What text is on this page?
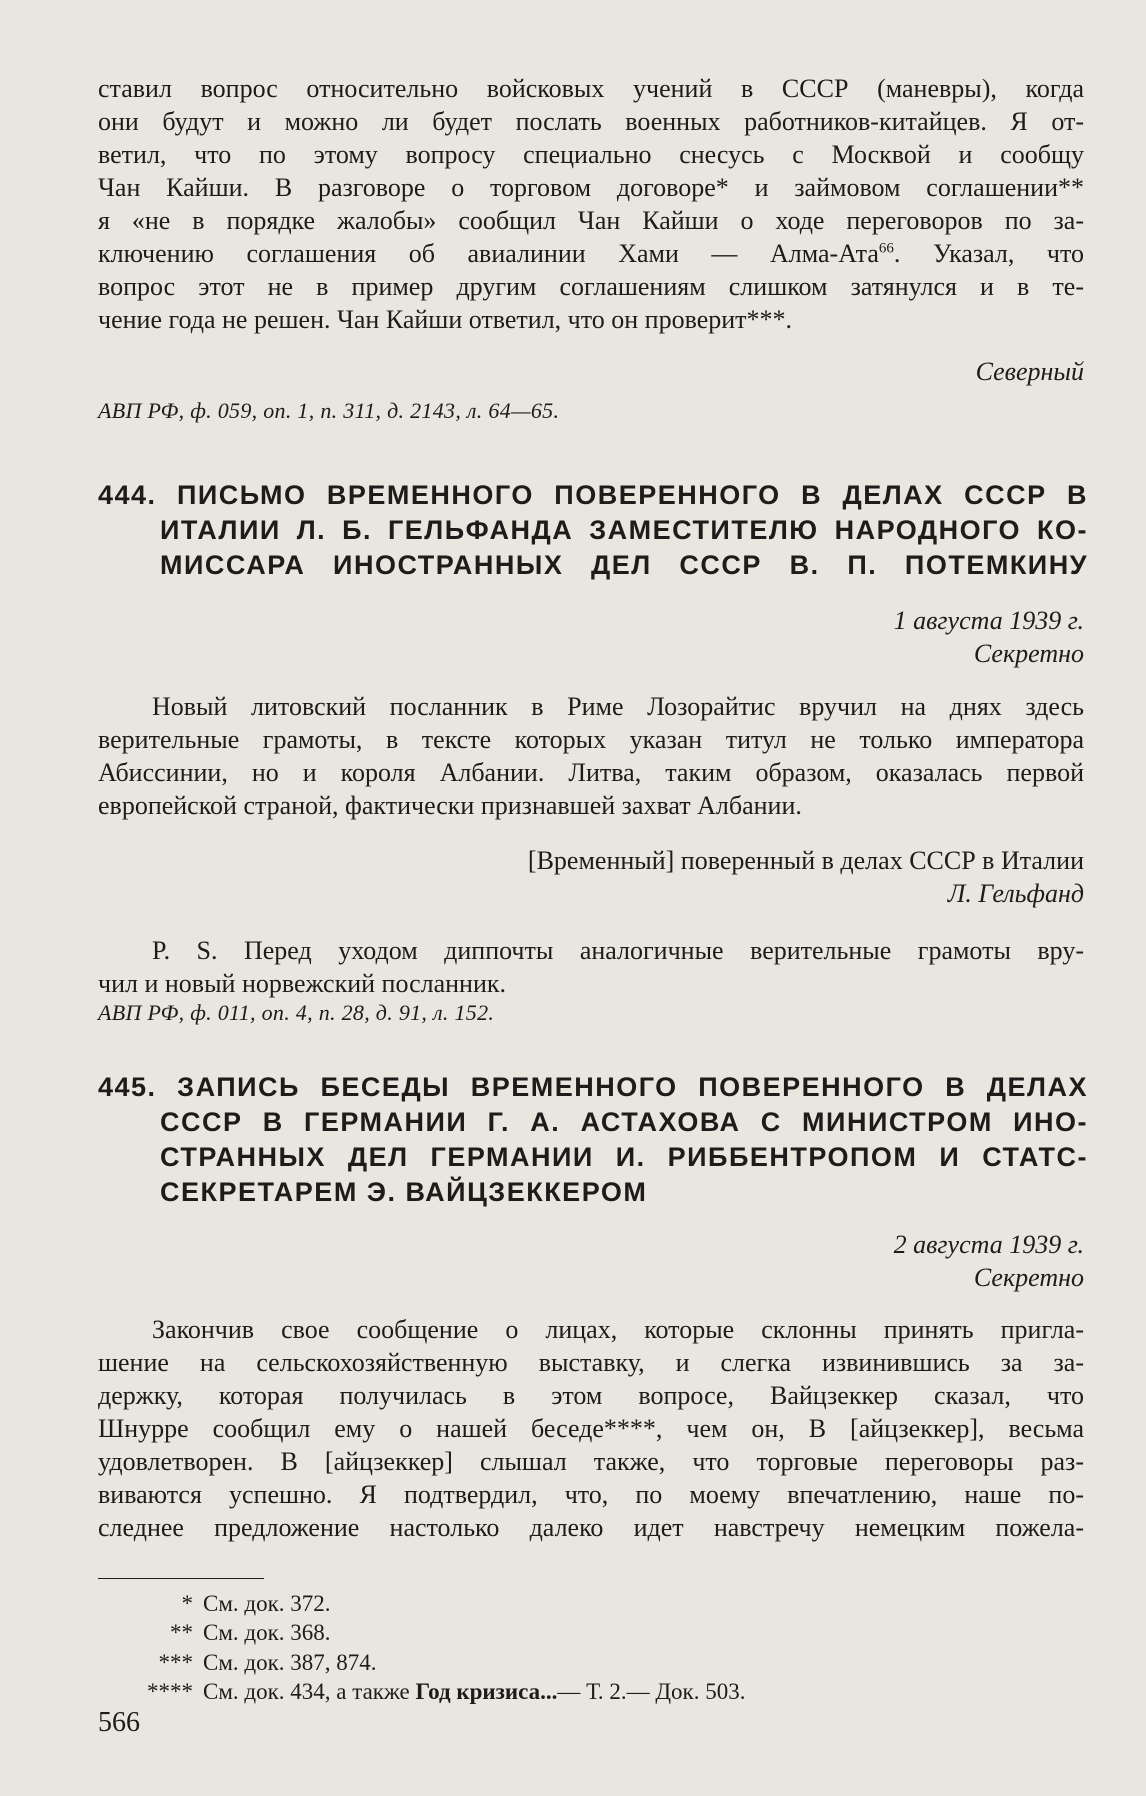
ставил вопрос относительно войсковых учений в СССР (маневры), когда

они будут и можно ли будет послать военных работников-китайцев. Я от-

ветил, что по этому вопросу специально снесусь с Москвой и сообщу

Чан Кайши. В разговоре о торговом договоре* и займовом соглашении**

я «не в порядке жалобы» сообщил Чан Кайши о ходе переговоров по за-

ключению соглашения об авиалинии Хами — Алма-Ата$^{66}$. Указал, что

вопрос этот не в пример другим соглашениям слишком затянулся и в те-

чение года не решен. Чан Кайши ответил, что он проверит***.

Северный
АВП РФ, ф. 059, оп. 1, п. 311, д. 2143, л. 64—65.
444. ПИСЬМО ВРЕМЕННОГО ПОВЕРЕННОГО В ДЕЛАХ СССР В
ИТАЛИИ Л. Б. ГЕЛЬФАНДА ЗАМЕСТИТЕЛЮ НАРОДНОГО КО-
МИССАРА ИНОСТРАННЫХ ДЕЛ СССР В. П. ПОТЕМКИНУ
1 августа 1939 г.
Секретно

Новый литовский посланник в Риме Лозорайтис вручил на днях здесь

верительные грамоты, в тексте которых указан титул не только императора

Абиссинии, но и короля Албании. Литва, таким образом, оказалась первой

европейской страной, фактически признавшей захват Албании.

[Временный] поверенный в делах СССР в Италии
Л. Гельфанд

P. S. Перед уходом диппочты аналогичные верительные грамоты вру-

чил и новый норвежский посланник.

АВП РФ, ф. 011, оп. 4, п. 28, д. 91, л. 152.
445. ЗАПИСЬ БЕСЕДЫ ВРЕМЕННОГО ПОВЕРЕННОГО В ДЕЛАХ
СССР В ГЕРМАНИИ Г. А. АСТАХОВА С МИНИСТРОМ ИНО-
СТРАННЫХ ДЕЛ ГЕРМАНИИ И. РИББЕНТРОПОМ И СТАТС-
СЕКРЕТАРЕМ Э. ВАЙЦЗЕККЕРОМ
2 августа 1939 г.
Секретно

Закончив свое сообщение о лицах, которые склонны принять пригла-

шение на сельскохозяйственную выставку, и слегка извинившись за за-

держку, которая получилась в этом вопросе, Вайцзеккер сказал, что

Шнурре сообщил ему о нашей беседе****, чем он, В [айцзеккер], весьма

удовлетворен. В [айцзеккер] слышал также, что торговые переговоры раз-

виваются успешно. Я подтвердил, что, по моему впечатлению, наше по-

следнее предложение настолько далеко идет навстречу немецким пожела-

* См. док. 372.
** См. док. 368.
*** См. док. 387, 874.
**** См. док. 434, а также Год кризиса...— Т. 2.— Док. 503.
566
